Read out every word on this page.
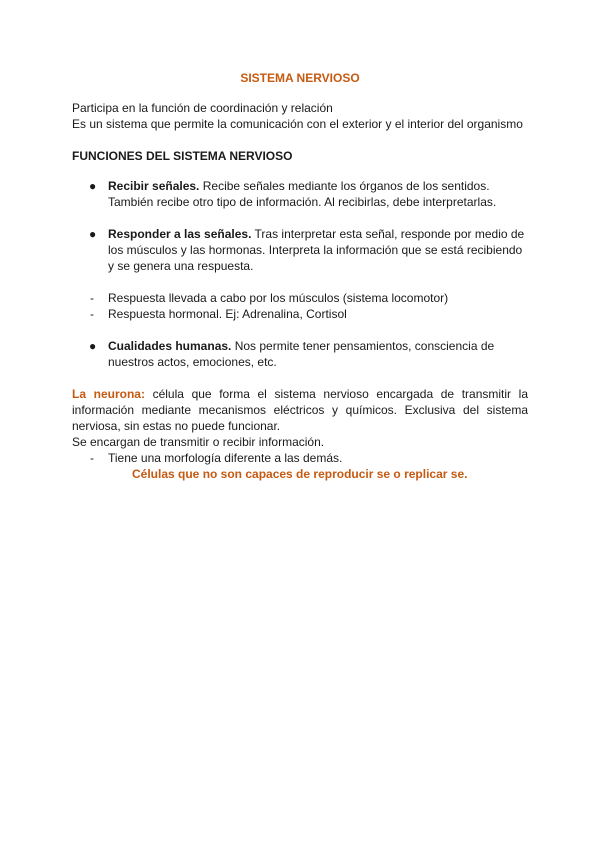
SISTEMA NERVIOSO

Participa en la función de coordinación y relación

Es un sistema que permite la comunicación con el exterior y el interior del organismo

FUNCIONES DEL SISTEMA NERVIOSO

● Recibir señales. Recibe señales mediante los órganos de los sentidos. También recibe otro tipo de información. Al recibirlas, debe interpretarlas.
● Responder a las señales. Tras interpretar esta señal, responde por medio de los músculos y las hormonas. Interpreta la información que se está recibiendo y se genera una respuesta.

- Respuesta llevada a cabo por los músculos (sistema locomotor)

- Respuesta hormonal. Ej: Adrenalina, Cortisol

● Cualidades humanas. Nos permite tener pensamientos, consciencia de nuestros actos, emociones, etc.

La neurona: célula que forma el sistema nervioso encargada de transmitir la información mediante mecanismos eléctricos y químicos. Exclusiva del sistema nerviosa, sin estas no puede funcionar.

Se encargan de transmitir o recibir información.

- Tiene una morfología diferente a las demás.

Células que no son capaces de reproducir se o replicar se.
